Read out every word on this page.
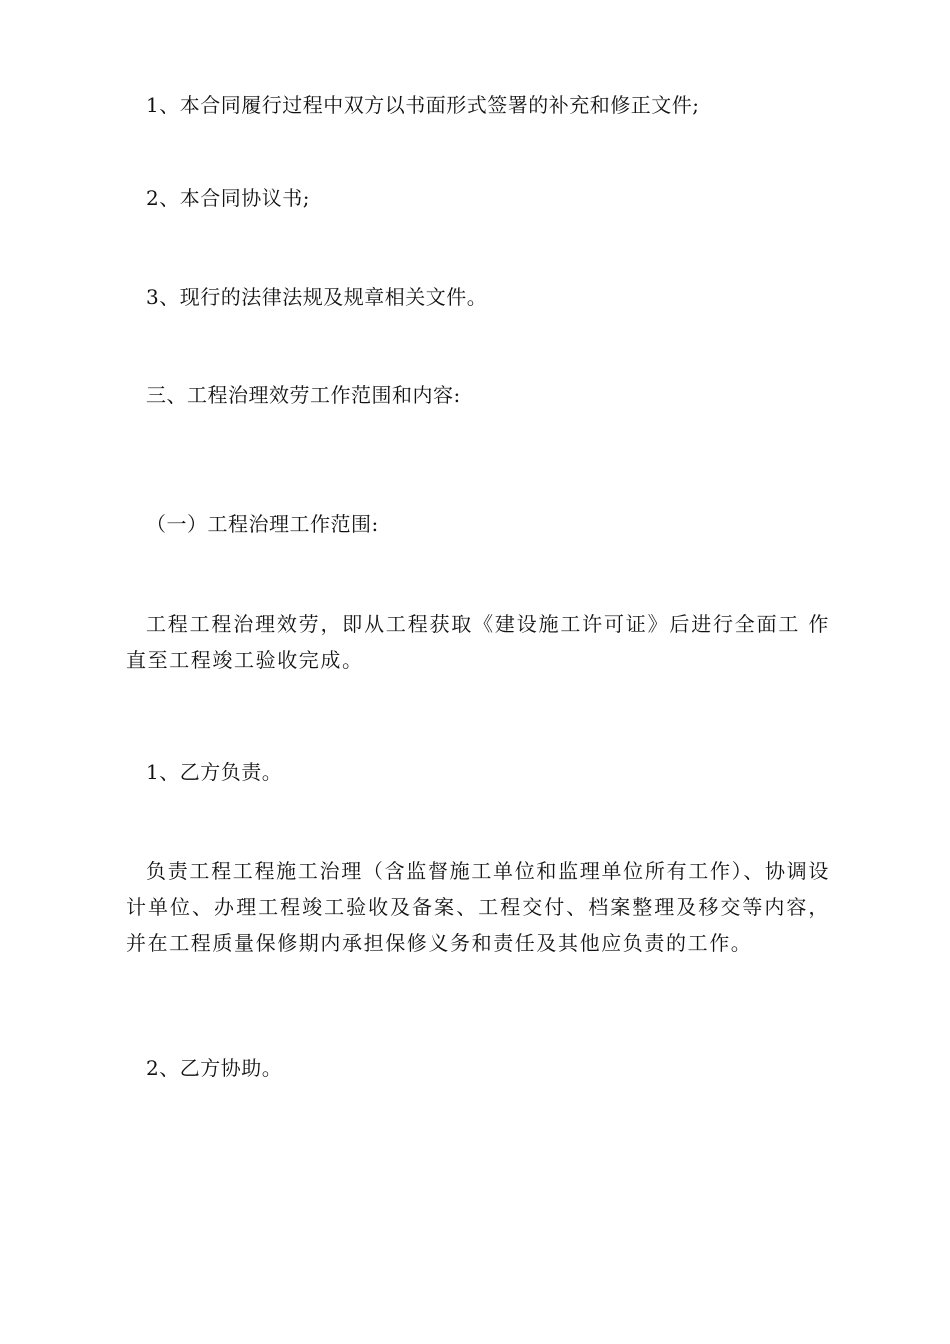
1、本合同履行过程中双方以书面形式签署的补充和修正文件;
2、本合同协议书;
3、现行的法律法规及规章相关文件。
三、工程治理效劳工作范围和内容:
（一）工程治理工作范围:
工程工程治理效劳，即从工程获取《建设施工许可证》后进行全面工 作直至工程竣工验收完成。
1、乙方负责。
负责工程工程施工治理（含监督施工单位和监理单位所有工作）、协调设计单位、办理工程竣工验收及备案、工程交付、档案整理及移交等内容，并在工程质量保修期内承担保修义务和责任及其他应负责的工作。
2、乙方协助。
